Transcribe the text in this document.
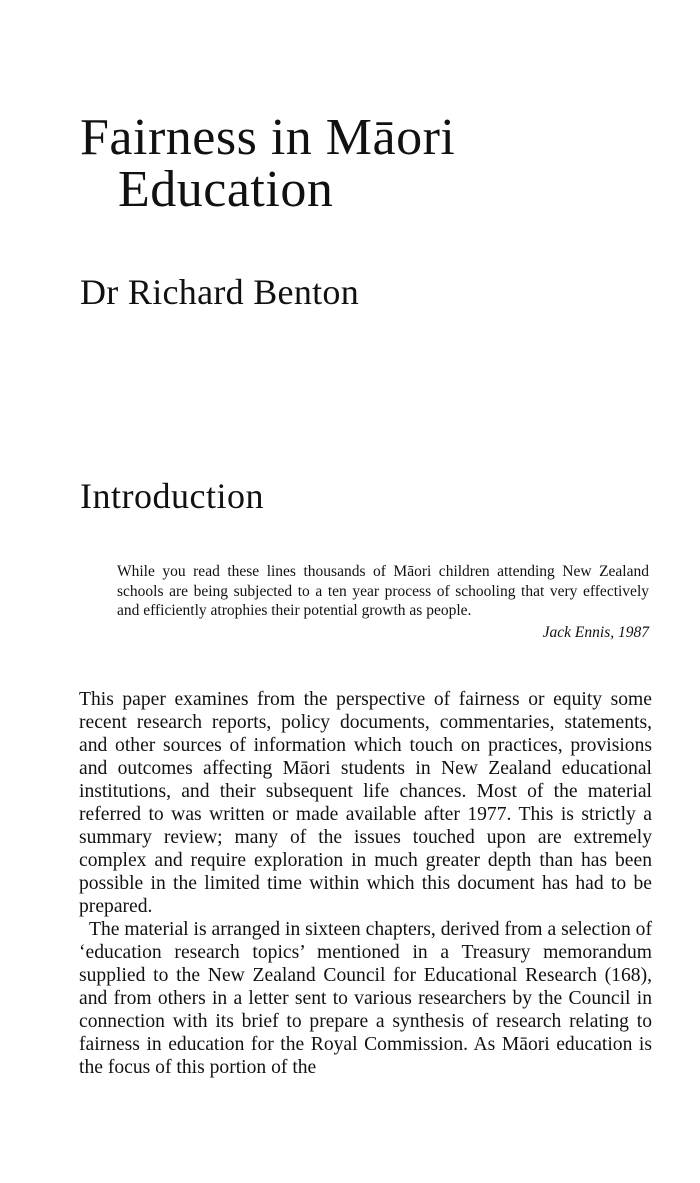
Fairness in Māori
Education
Dr Richard Benton
Introduction

While you read these lines thousands of Māori children attending New Zealand schools are being subjected to a ten year process of schooling that very effectively and efficiently atrophies their potential growth as people.

Jack Ennis, 1987

This paper examines from the perspective of fairness or equity some recent research reports, policy documents, commentaries, statements, and other sources of information which touch on practices, provisions and outcomes affecting Māori students in New Zealand educational institutions, and their subsequent life chances. Most of the material referred to was written or made available after 1977. This is strictly a summary review; many of the issues touched upon are extremely complex and require exploration in much greater depth than has been possible in the limited time within which this document has had to be prepared.

The material is arranged in sixteen chapters, derived from a selection of ‘education research topics’ mentioned in a Treasury memorandum supplied to the New Zealand Council for Educational Research (168), and from others in a letter sent to various researchers by the Council in connection with its brief to prepare a synthesis of research relating to fairness in education for the Royal Commission. As Māori education is the focus of this portion of the
